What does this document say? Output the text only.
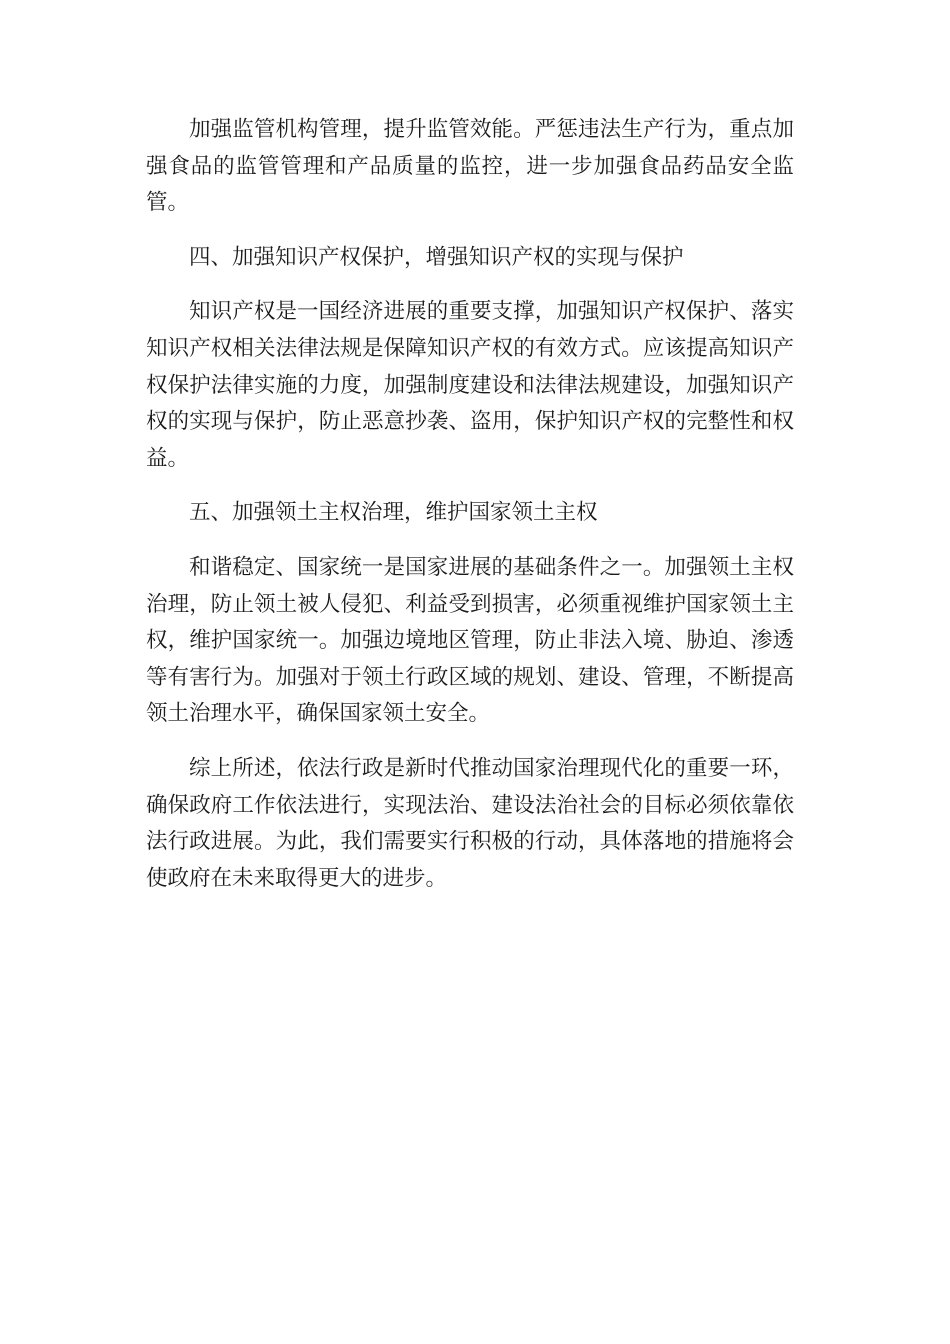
加强监管机构管理，提升监管效能。严惩违法生产行为，重点加强食品的监管管理和产品质量的监控，进一步加强食品药品安全监管。

四、加强知识产权保护，增强知识产权的实现与保护

知识产权是一国经济进展的重要支撑，加强知识产权保护、落实知识产权相关法律法规是保障知识产权的有效方式。应该提高知识产权保护法律实施的力度，加强制度建设和法律法规建设，加强知识产权的实现与保护，防止恶意抄袭、盗用，保护知识产权的完整性和权益。

五、加强领土主权治理，维护国家领土主权

和谐稳定、国家统一是国家进展的基础条件之一。加强领土主权治理，防止领土被人侵犯、利益受到损害，必须重视维护国家领土主权，维护国家统一。加强边境地区管理，防止非法入境、胁迫、渗透等有害行为。加强对于领土行政区域的规划、建设、管理，不断提高领土治理水平，确保国家领土安全。

综上所述，依法行政是新时代推动国家治理现代化的重要一环，确保政府工作依法进行，实现法治、建设法治社会的目标必须依靠依法行政进展。为此，我们需要实行积极的行动，具体落地的措施将会使政府在未来取得更大的进步。
